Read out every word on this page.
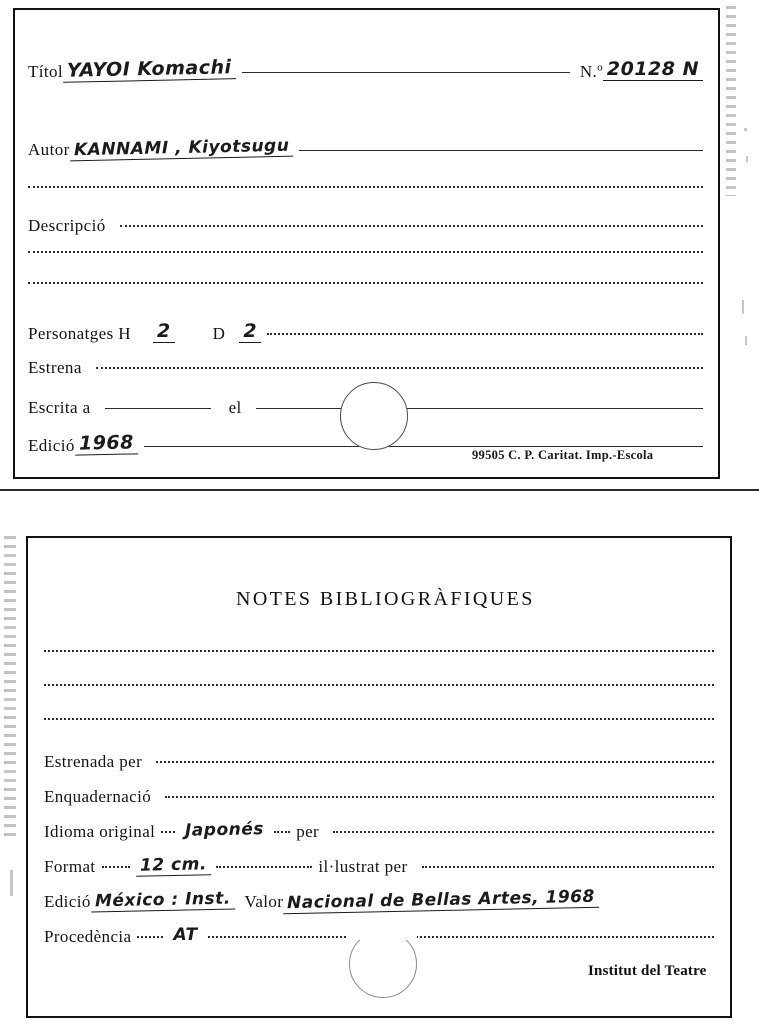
Títol YAYOI Komachi	N.º 20128 N
Autor KANNAMI , Kiyotsugu
Descripció
Personatges H 2 D 2
Estrena
Escrita a	el
Edició 1968
99505 C. P. Caritat. Imp.-Escola
NOTES BIBLIOGRÀFIQUES
Estrenada per
Enquadernació
Idioma original Japonés per
Format	12 cm.	il·lustrat per
Edició México : Inst. Valor Nacional de Bellas Artes, 1968
Procedència AT
Institut del Teatre
